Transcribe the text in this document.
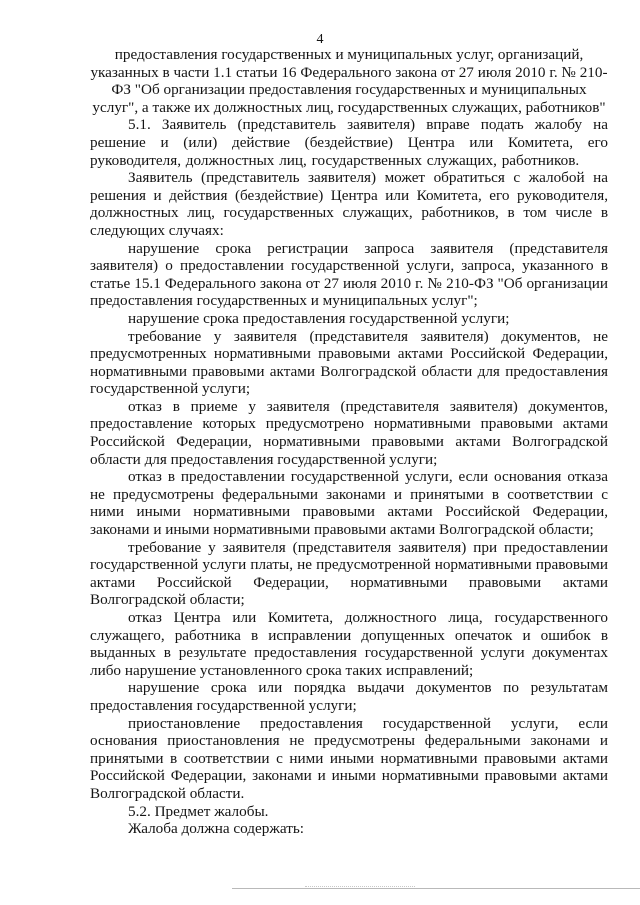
4

предоставления государственных и муниципальных услуг, организаций, указанных в части 1.1 статьи 16 Федерального закона от 27 июля 2010 г. № 210-ФЗ "Об организации предоставления государственных и муниципальных услуг", а также их должностных лиц, государственных служащих, работников"

5.1. Заявитель (представитель заявителя) вправе подать жалобу на решение и (или) действие (бездействие) Центра или Комитета, его руководителя, должностных лиц, государственных служащих, работников.

Заявитель (представитель заявителя) может обратиться с жалобой на решения и действия (бездействие) Центра или Комитета, его руководителя, должностных лиц, государственных служащих, работников, в том числе в следующих случаях:

нарушение срока регистрации запроса заявителя (представителя заявителя) о предоставлении государственной услуги, запроса, указанного в статье 15.1 Федерального закона от 27 июля 2010 г. № 210-ФЗ "Об организации предоставления государственных и муниципальных услуг";

нарушение срока предоставления государственной услуги;

требование у заявителя (представителя заявителя) документов, не предусмотренных нормативными правовыми актами Российской Федерации, нормативными правовыми актами Волгоградской области для предоставления государственной услуги;

отказ в приеме у заявителя (представителя заявителя) документов, предоставление которых предусмотрено нормативными правовыми актами Российской Федерации, нормативными правовыми актами Волгоградской области для предоставления государственной услуги;

отказ в предоставлении государственной услуги, если основания отказа не предусмотрены федеральными законами и принятыми в соответствии с ними иными нормативными правовыми актами Российской Федерации, законами и иными нормативными правовыми актами Волгоградской области;

требование у заявителя (представителя заявителя) при предоставлении государственной услуги платы, не предусмотренной нормативными правовыми актами Российской Федерации, нормативными правовыми актами Волгоградской области;

отказ Центра или Комитета, должностного лица, государственного служащего, работника в исправлении допущенных опечаток и ошибок в выданных в результате предоставления государственной услуги документах либо нарушение установленного срока таких исправлений;

нарушение срока или порядка выдачи документов по результатам предоставления государственной услуги;

приостановление предоставления государственной услуги, если основания приостановления не предусмотрены федеральными законами и принятыми в соответствии с ними иными нормативными правовыми актами Российской Федерации, законами и иными нормативными правовыми актами Волгоградской области.

5.2. Предмет жалобы.

Жалоба должна содержать:
